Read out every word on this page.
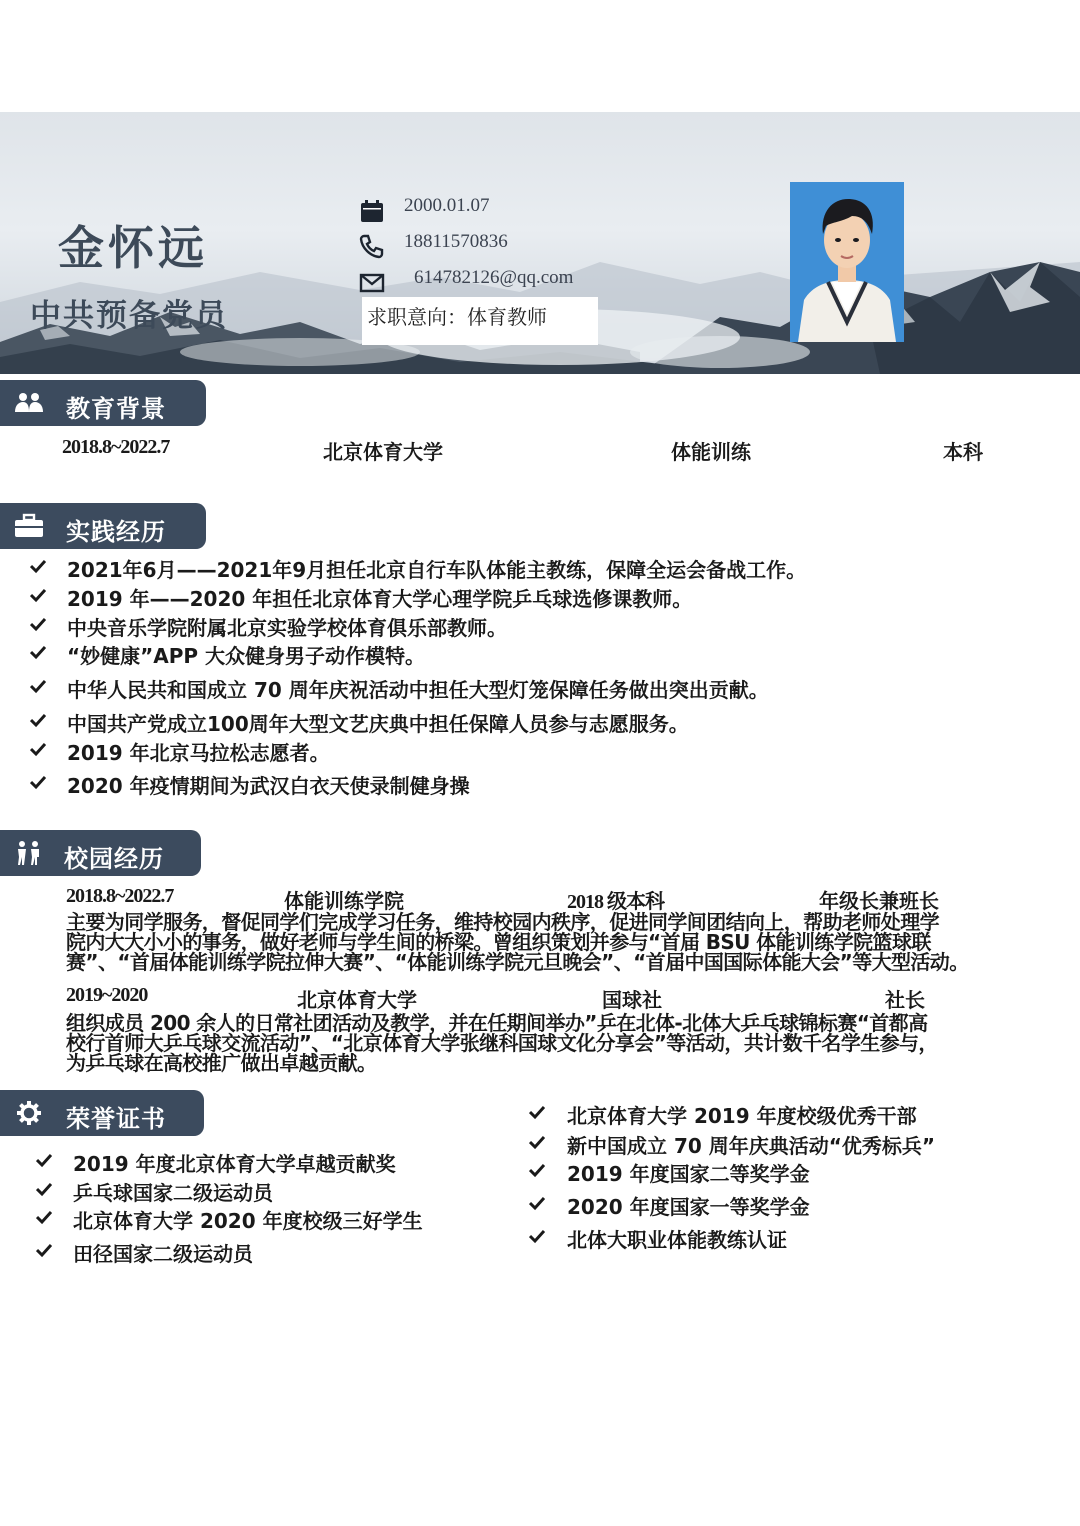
金怀远
中共预备党员
2000.01.07
18811570836
614782126@qq.com
求职意向：体育教师
教育背景
2018.8~2022.7	北京体育大学	体能训练	本科
实践经历
2021年6月——2021年9月担任北京自行车队体能主教练，保障全运会备战工作。
2019 年——2020 年担任北京体育大学心理学院乒乓球选修课教师。
中央音乐学院附属北京实验学校体育俱乐部教师。
“妙健康”APP 大众健身男子动作模特。
中华人民共和国成立 70 周年庆祝活动中担任大型灯笼保障任务做出突出贡献。
中国共产党成立100周年大型文艺庆典中担任保障人员参与志愿服务。
2019 年北京马拉松志愿者。
2020 年疫情期间为武汉白衣天使录制健身操
校园经历
2018.8~2022.7	体能训练学院	2018 级本科	年级长兼班长
主要为同学服务，督促同学们完成学习任务，维持校园内秩序，促进同学间团结向上，帮助老师处理学
院内大大小小的事务，做好老师与学生间的桥梁。曾组织策划并参与“首届 BSU 体能训练学院篮球联
赛”、“首届体能训练学院拉伸大赛”、“体能训练学院元旦晚会”、“首届中国国际体能大会”等大型活动。
2019~2020	北京体育大学	国球社	社长
组织成员 200 余人的日常社团活动及教学，并在任期间举办”乒在北体-北体大乒乓球锦标赛“首都高
校行首师大乒乓球交流活动”、“北京体育大学张继科国球文化分享会”等活动，共计数千名学生参与，
为乒乓球在高校推广做出卓越贡献。
荣誉证书
2019 年度北京体育大学卓越贡献奖
乒乓球国家二级运动员
北京体育大学 2020 年度校级三好学生
田径国家二级运动员
北京体育大学 2019 年度校级优秀干部
新中国成立 70 周年庆典活动“优秀标兵”
2019 年度国家二等奖学金
2020 年度国家一等奖学金
北体大职业体能教练认证
